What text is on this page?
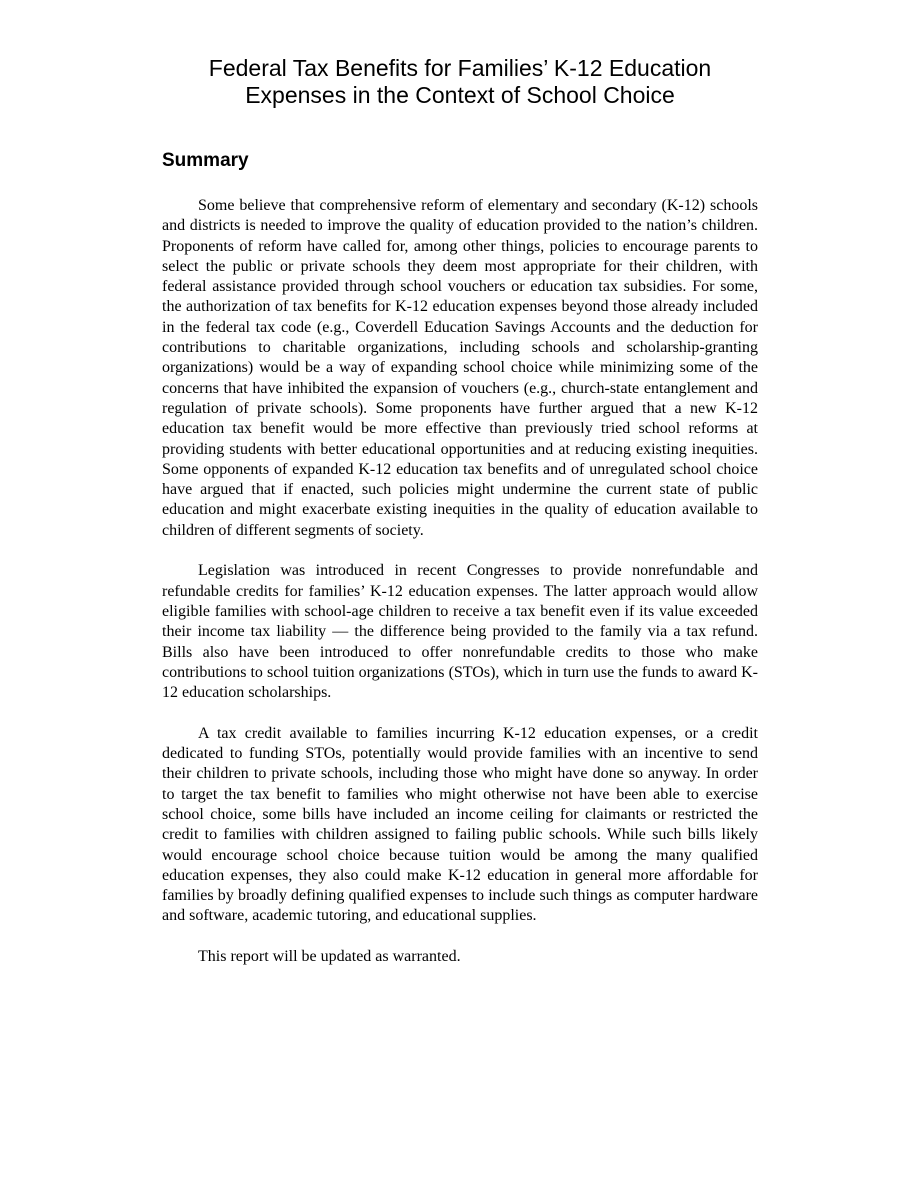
Federal Tax Benefits for Families’ K-12 Education
Expenses in the Context of School Choice
Summary

Some believe that comprehensive reform of elementary and secondary (K-12) schools and districts is needed to improve the quality of education provided to the nation’s children. Proponents of reform have called for, among other things, policies to encourage parents to select the public or private schools they deem most appropriate for their children, with federal assistance provided through school vouchers or education tax subsidies. For some, the authorization of tax benefits for K-12 education expenses beyond those already included in the federal tax code (e.g., Coverdell Education Savings Accounts and the deduction for contributions to charitable organizations, including schools and scholarship-granting organizations) would be a way of expanding school choice while minimizing some of the concerns that have inhibited the expansion of vouchers (e.g., church-state entanglement and regulation of private schools). Some proponents have further argued that a new K-12 education tax benefit would be more effective than previously tried school reforms at providing students with better educational opportunities and at reducing existing inequities. Some opponents of expanded K-12 education tax benefits and of unregulated school choice have argued that if enacted, such policies might undermine the current state of public education and might exacerbate existing inequities in the quality of education available to children of different segments of society.

Legislation was introduced in recent Congresses to provide nonrefundable and refundable credits for families’ K-12 education expenses. The latter approach would allow eligible families with school-age children to receive a tax benefit even if its value exceeded their income tax liability — the difference being provided to the family via a tax refund. Bills also have been introduced to offer nonrefundable credits to those who make contributions to school tuition organizations (STOs), which in turn use the funds to award K-12 education scholarships.

A tax credit available to families incurring K-12 education expenses, or a credit dedicated to funding STOs, potentially would provide families with an incentive to send their children to private schools, including those who might have done so anyway. In order to target the tax benefit to families who might otherwise not have been able to exercise school choice, some bills have included an income ceiling for claimants or restricted the credit to families with children assigned to failing public schools. While such bills likely would encourage school choice because tuition would be among the many qualified education expenses, they also could make K-12 education in general more affordable for families by broadly defining qualified expenses to include such things as computer hardware and software, academic tutoring, and educational supplies.

This report will be updated as warranted.
